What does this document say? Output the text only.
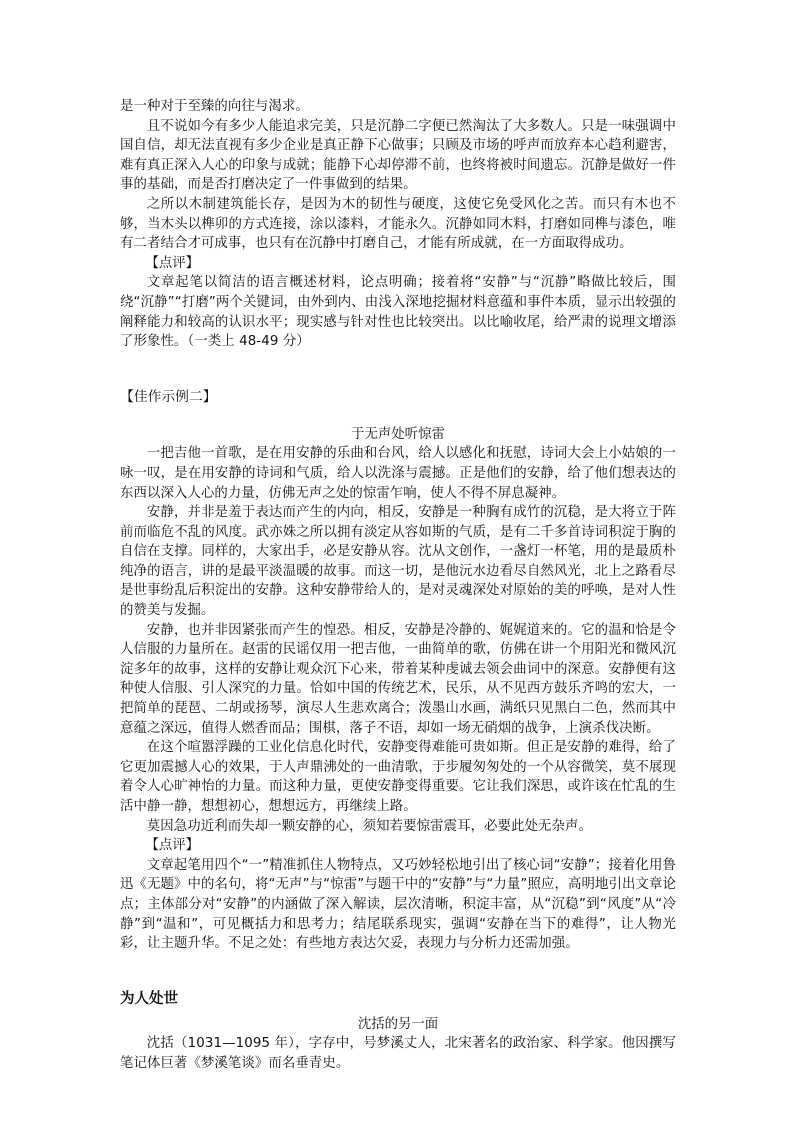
是一种对于至臻的向往与渴求。

且不说如今有多少人能追求完美，只是沉静二字便已然淘汰了大多数人。只是一味强调中国自信，却无法直视有多少企业是真正静下心做事；只顾及市场的呼声而放弃本心趋利避害，难有真正深入人心的印象与成就；能静下心却停滞不前，也终将被时间遗忘。沉静是做好一件事的基础，而是否打磨决定了一件事做到的结果。

之所以木制建筑能长存，是因为木的韧性与硬度，这使它免受风化之苦。而只有木也不够，当木头以榫卯的方式连接，涂以漆料，才能永久。沉静如同木料，打磨如同榫与漆色，唯有二者结合才可成事，也只有在沉静中打磨自己，才能有所成就，在一方面取得成功。

【点评】

文章起笔以简洁的语言概述材料，论点明确；接着将“安静”与“沉静”略做比较后，围绕“沉静”“打磨”两个关键词，由外到内、由浅入深地挖掘材料意蕴和事件本质，显示出较强的阐释能力和较高的认识水平；现实感与针对性也比较突出。以比喻收尾，给严肃的说理文增添了形象性。（一类上 48-49 分）

【佳作示例二】

于无声处听惊雷

一把吉他一首歌，是在用安静的乐曲和台风，给人以感化和抚慰，诗词大会上小姑娘的一咏一叹，是在用安静的诗词和气质，给人以洗涤与震撼。正是他们的安静，给了他们想表达的东西以深入人心的力量，仿佛无声之处的惊雷乍响，使人不得不屏息凝神。

安静，并非是羞于表达而产生的内向，相反，安静是一种胸有成竹的沉稳，是大将立于阵前而临危不乱的风度。武亦姝之所以拥有淡定从容如斯的气质，是有二千多首诗词积淀于胸的自信在支撑。同样的，大家出手，必是安静从容。沈从文创作，一盏灯一杯笔，用的是最质朴纯净的语言，讲的是最平淡温暖的故事。而这一切，是他沅水边看尽自然风光，北上之路看尽是世事纷乱后积淀出的安静。这种安静带给人的，是对灵魂深处对原始的美的呼唤，是对人性的赞美与发掘。

安静，也并非因紧张而产生的惶恐。相反，安静是冷静的、娓娓道来的。它的温和恰是令人信服的力量所在。赵雷的民谣仅用一把吉他，一曲简单的歌，仿佛在讲一个用阳光和微风沉淀多年的故事，这样的安静让观众沉下心来，带着某种虔诚去领会曲词中的深意。安静便有这种使人信服、引人深究的力量。恰如中国的传统艺术，民乐，从不见西方鼓乐齐鸣的宏大，一把简单的琵琶、二胡或扬琴，演尽人生悲欢离合；泼墨山水画，满纸只见黑白二色，然而其中意蕴之深远，值得人燃香而品；围棋，落子不语，却如一场无硝烟的战争，上演杀伐决断。

在这个喧嚣浮躁的工业化信息化时代，安静变得难能可贵如斯。但正是安静的难得，给了它更加震撼人心的效果，于人声鼎沸处的一曲清歌，于步履匆匆处的一个从容微笑，莫不展现着令人心旷神怡的力量。而这种力量，更使安静变得重要。它让我们深思，或许该在忙乱的生活中静一静，想想初心，想想远方，再继续上路。

莫因急功近利而失却一颗安静的心，须知若要惊雷震耳，必要此处无杂声。

【点评】

文章起笔用四个“一”精准抓住人物特点，又巧妙轻松地引出了核心词“安静”；接着化用鲁迅《无题》中的名句，将“无声”与“惊雷”与题干中的“安静”与“力量”照应，高明地引出文章论点；主体部分对“安静”的内涵做了深入解读，层次清晰，积淀丰富，从“沉稳”到“风度”从“冷静”到“温和”，可见概括力和思考力；结尾联系现实，强调“安静在当下的难得”，让人物光彩，让主题升华。不足之处：有些地方表达欠妥，表现力与分析力还需加强。

为人处世

沈括的另一面

沈括（1031—1095 年），字存中，号梦溪丈人，北宋著名的政治家、科学家。他因撰写笔记体巨著《梦溪笔谈》而名垂青史。
